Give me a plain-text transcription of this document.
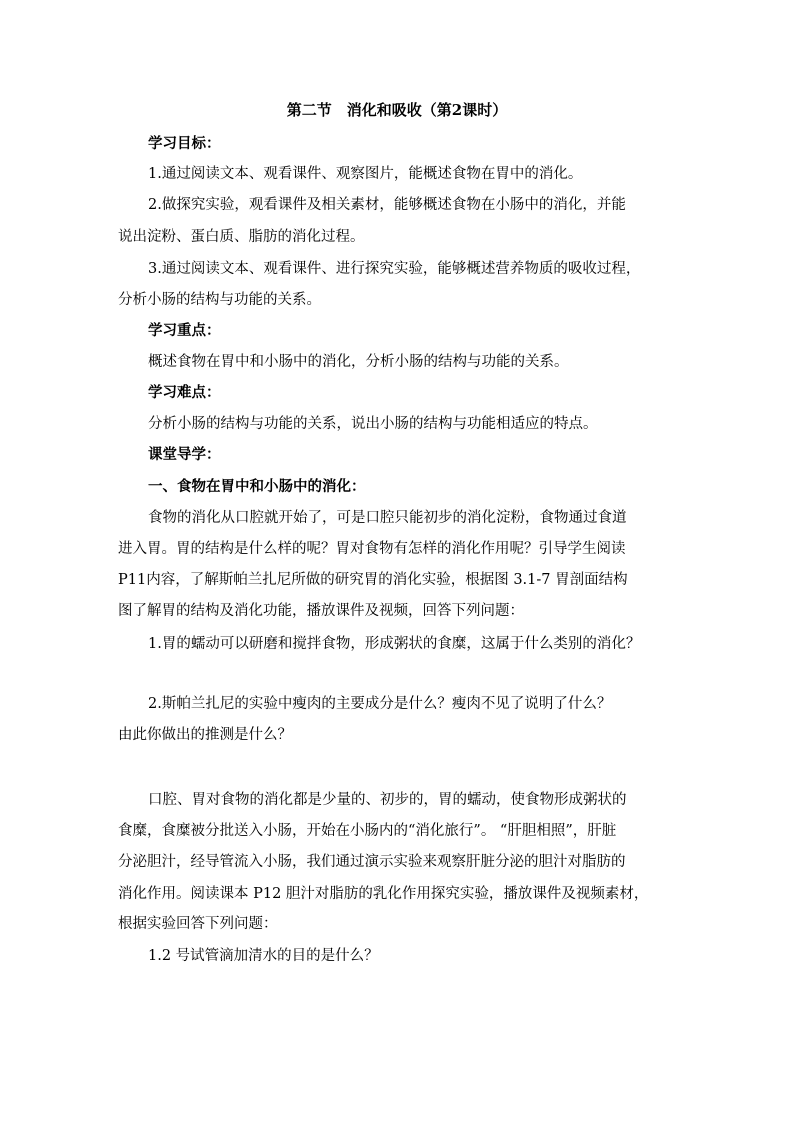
第二节　消化和吸收（第2课时）
学习目标：
1.通过阅读文本、观看课件、观察图片，能概述食物在胃中的消化。
2.做探究实验，观看课件及相关素材，能够概述食物在小肠中的消化，并能
说出淀粉、蛋白质、脂肪的消化过程。
3.通过阅读文本、观看课件、进行探究实验，能够概述营养物质的吸收过程，
分析小肠的结构与功能的关系。
学习重点：
概述食物在胃中和小肠中的消化，分析小肠的结构与功能的关系。
学习难点：
分析小肠的结构与功能的关系，说出小肠的结构与功能相适应的特点。
课堂导学：
一、食物在胃中和小肠中的消化：
食物的消化从口腔就开始了，可是口腔只能初步的消化淀粉，食物通过食道
进入胃。胃的结构是什么样的呢？胃对食物有怎样的消化作用呢？引导学生阅读
P11内容，了解斯帕兰扎尼所做的研究胃的消化实验，根据图 3.1-7 胃剖面结构
图了解胃的结构及消化功能，播放课件及视频，回答下列问题：
1.胃的蠕动可以研磨和搅拌食物，形成粥状的食糜，这属于什么类别的消化？
2.斯帕兰扎尼的实验中瘦肉的主要成分是什么？瘦肉不见了说明了什么？
由此你做出的推测是什么？
口腔、胃对食物的消化都是少量的、初步的，胃的蠕动，使食物形成粥状的
食糜，食糜被分批送入小肠，开始在小肠内的“消化旅行”。 “肝胆相照”，肝脏
分泌胆汁，经导管流入小肠，我们通过演示实验来观察肝脏分泌的胆汁对脂肪的
消化作用。阅读课本 P12 胆汁对脂肪的乳化作用探究实验，播放课件及视频素材，
根据实验回答下列问题：
1.2 号试管滴加清水的目的是什么？
